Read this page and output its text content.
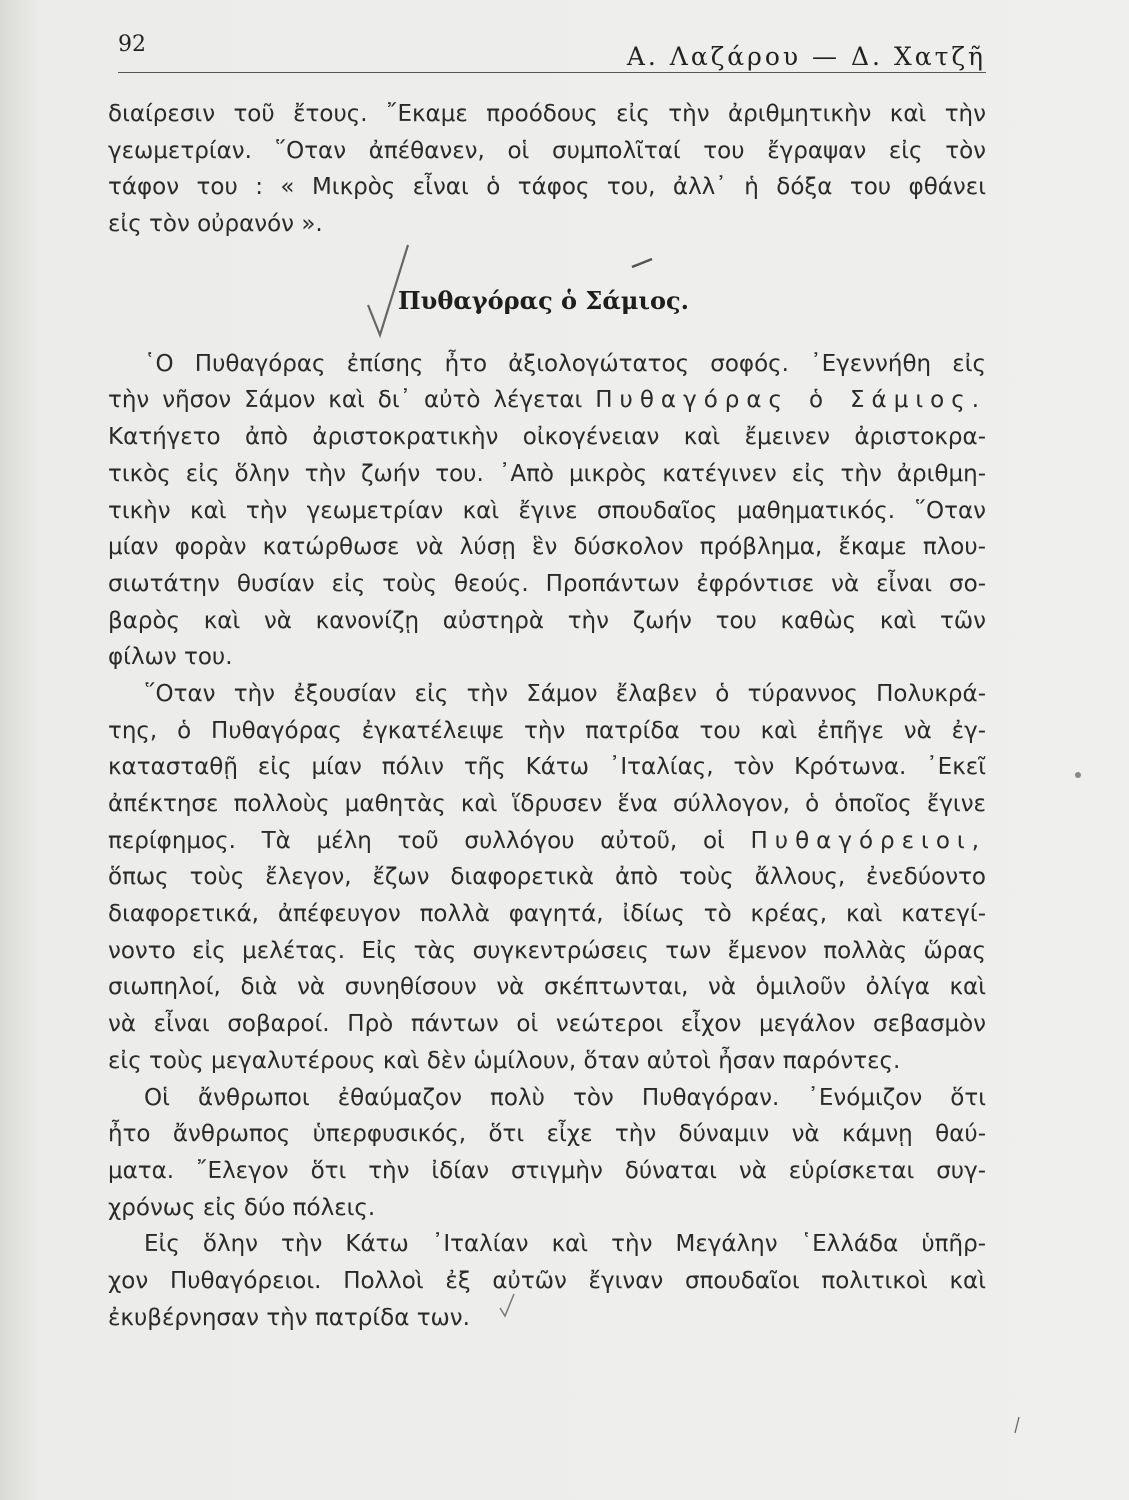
92	Α. Λαζάρου — Δ. Χατζῆ
διαίρεσιν τοῦ ἔτους. ῎Εκαμε προόδους εἰς τὴν ἀριθμητικὴν καὶ τὴν
γεωμετρίαν. ῞Οταν ἀπέθανεν, οἱ συμπολῖταί του ἔγραψαν εἰς τὸν
τάφον του : « Μικρὸς εἶναι ὁ τάφος του, ἀλλ᾿ ἡ δόξα του φθάνει
εἰς τὸν οὐρανόν ».
Πυθαγόρας ὁ Σάμιος.
῾Ο Πυθαγόρας ἐπίσης ἦτο ἀξιολογώτατος σοφός. ᾿Εγεννήθη εἰς
τὴν νῆσον Σάμον καὶ δι᾿ αὐτὸ λέγεται Πυθαγόρας ὁ Σάμιος.
Κατήγετο ἀπὸ ἀριστοκρατικὴν οἰκογένειαν καὶ ἔμεινεν ἀριστοκρα-
τικὸς εἰς ὅλην τὴν ζωήν του. ᾿Απὸ μικρὸς κατέγινεν εἰς τὴν ἀριθμη-
τικὴν καὶ τὴν γεωμετρίαν καὶ ἔγινε σπουδαῖος μαθηματικός. ῞Οταν
μίαν φορὰν κατώρθωσε νὰ λύσῃ ἓν δύσκολον πρόβλημα, ἔκαμε πλου-
σιωτάτην θυσίαν εἰς τοὺς θεούς. Προπάντων ἐφρόντισε νὰ εἶναι σο-
βαρὸς καὶ νὰ κανονίζῃ αὐστηρὰ τὴν ζωήν του καθὼς καὶ τῶν
φίλων του.
῞Οταν τὴν ἐξουσίαν εἰς τὴν Σάμον ἔλαβεν ὁ τύραννος Πολυκρά-
της, ὁ Πυθαγόρας ἐγκατέλειψε τὴν πατρίδα του καὶ ἐπῆγε νὰ ἐγ-
κατασταθῇ εἰς μίαν πόλιν τῆς Κάτω ᾿Ιταλίας, τὸν Κρότωνα. ᾿Εκεῖ
ἀπέκτησε πολλοὺς μαθητὰς καὶ ἵδρυσεν ἕνα σύλλογον, ὁ ὁποῖος ἔγινε
περίφημος. Τὰ μέλη τοῦ συλλόγου αὐτοῦ, οἱ Πυθαγόρειοι,
ὅπως τοὺς ἔλεγον, ἔζων διαφορετικὰ ἀπὸ τοὺς ἄλλους, ἐνεδύοντο
διαφορετικά, ἀπέφευγον πολλὰ φαγητά, ἰδίως τὸ κρέας, καὶ κατεγί-
νοντο εἰς μελέτας. Εἰς τὰς συγκεντρώσεις των ἔμενον πολλὰς ὥρας
σιωπηλοί, διὰ νὰ συνηθίσουν νὰ σκέπτωνται, νὰ ὁμιλοῦν ὀλίγα καὶ
νὰ εἶναι σοβαροί. Πρὸ πάντων οἱ νεώτεροι εἶχον μεγάλον σεβασμὸν
εἰς τοὺς μεγαλυτέρους καὶ δὲν ὡμίλουν, ὅταν αὐτοὶ ἦσαν παρόντες.
Οἱ ἄνθρωποι ἐθαύμαζον πολὺ τὸν Πυθαγόραν. ᾿Ενόμιζον ὅτι
ἦτο ἄνθρωπος ὑπερφυσικός, ὅτι εἶχε τὴν δύναμιν νὰ κάμνῃ θαύ-
ματα. ῎Ελεγον ὅτι τὴν ἰδίαν στιγμὴν δύναται νὰ εὑρίσκεται συγ-
χρόνως εἰς δύο πόλεις.
Εἰς ὅλην τὴν Κάτω ᾿Ιταλίαν καὶ τὴν Μεγάλην ῾Ελλάδα ὑπῆρ-
χον Πυθαγόρειοι. Πολλοὶ ἐξ αὐτῶν ἔγιναν σπουδαῖοι πολιτικοὶ καὶ
ἐκυβέρνησαν τὴν πατρίδα των.
